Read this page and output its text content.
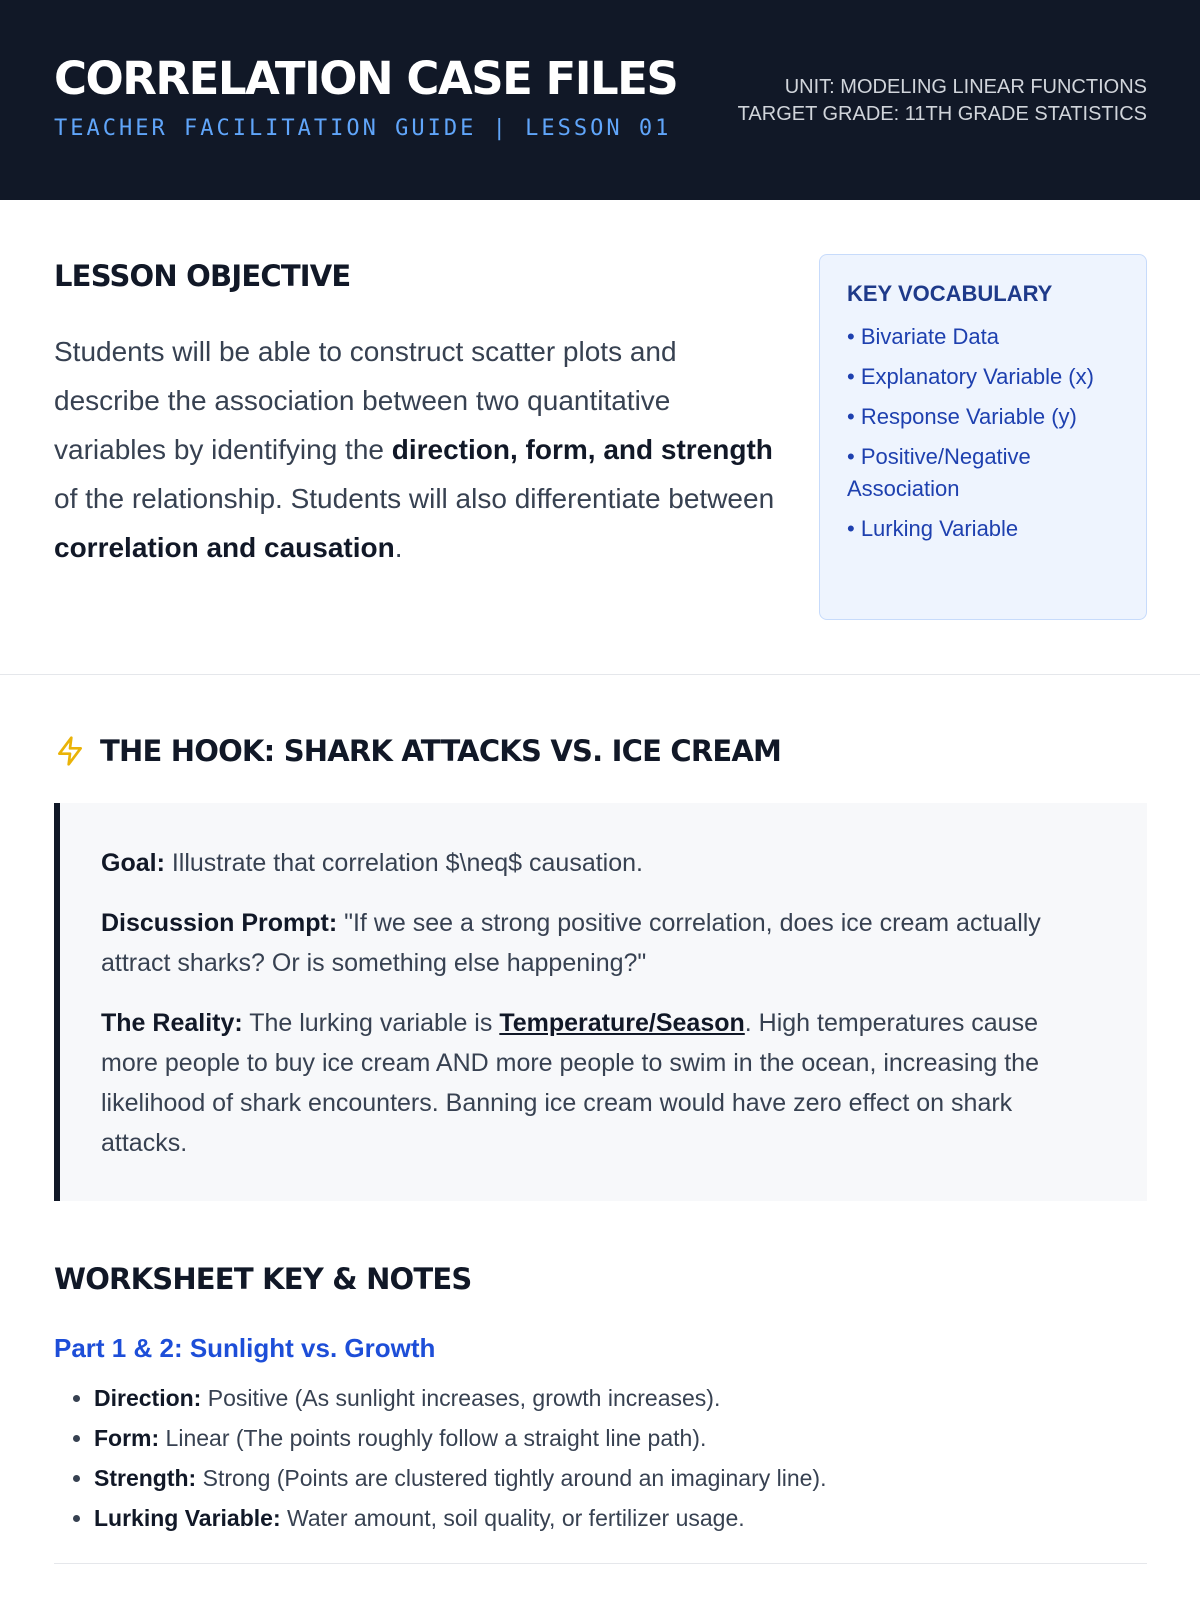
CORRELATION CASE FILES
TEACHER FACILITATION GUIDE | LESSON 01
UNIT: MODELING LINEAR FUNCTIONS
TARGET GRADE: 11TH GRADE STATISTICS
LESSON OBJECTIVE
Students will be able to construct scatter plots and describe the association between two quantitative variables by identifying the direction, form, and strength of the relationship. Students will also differentiate between correlation and causation.
KEY VOCABULARY
• Bivariate Data
• Explanatory Variable (x)
• Response Variable (y)
• Positive/Negative Association
• Lurking Variable
THE HOOK: SHARK ATTACKS VS. ICE CREAM

Goal: Illustrate that correlation $\neq$ causation.

Discussion Prompt: "If we see a strong positive correlation, does ice cream actually attract sharks? Or is something else happening?"

The Reality: The lurking variable is Temperature/Season. High temperatures cause more people to buy ice cream AND more people to swim in the ocean, increasing the likelihood of shark encounters. Banning ice cream would have zero effect on shark attacks.

WORKSHEET KEY & NOTES
Part 1 & 2: Sunlight vs. Growth
• Direction: Positive (As sunlight increases, growth increases).
• Form: Linear (The points roughly follow a straight line path).
• Strength: Strong (Points are clustered tightly around an imaginary line).
• Lurking Variable: Water amount, soil quality, or fertilizer usage.
